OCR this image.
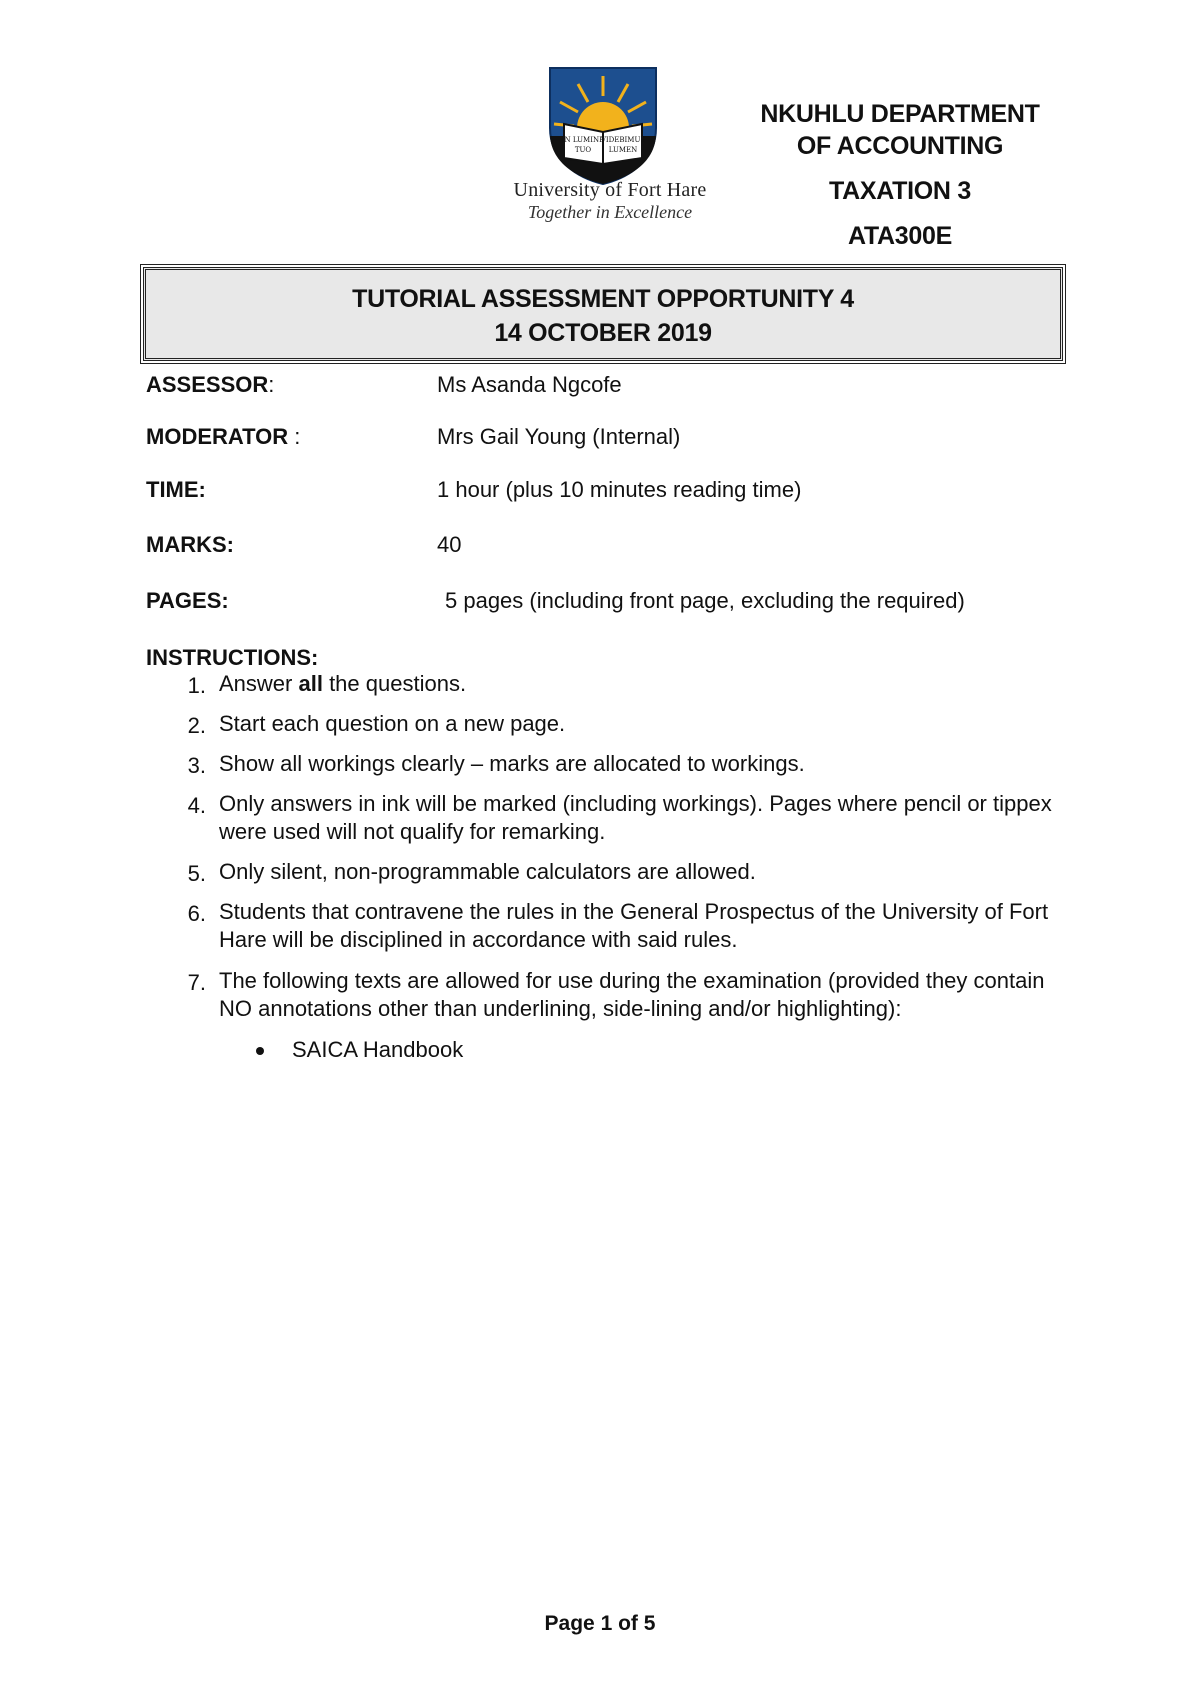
IN LUMINE
TUO
VIDEBIMUS
LUMEN
University of Fort Hare
Together in Excellence
NKUHLU DEPARTMENT
OF ACCOUNTING
TAXATION 3
ATA300E
TUTORIAL ASSESSMENT OPPORTUNITY 4
14 OCTOBER 2019
ASSESSOR:	Ms Asanda Ngcofe
MODERATOR :	Mrs Gail Young (Internal)
TIME:	1 hour (plus 10 minutes reading time)
MARKS:	40
PAGES:	5 pages (including front page, excluding the required)
INSTRUCTIONS:
1. Answer all the questions.
2. Start each question on a new page.
3. Show all workings clearly – marks are allocated to workings.
4. Only answers in ink will be marked (including workings). Pages where pencil or tippex were used will not qualify for remarking.
5. Only silent, non-programmable calculators are allowed.
6. Students that contravene the rules in the General Prospectus of the University of Fort Hare will be disciplined in accordance with said rules.
7. The following texts are allowed for use during the examination (provided they contain NO annotations other than underlining, side-lining and/or highlighting):
SAICA Handbook
Page 1 of 5
